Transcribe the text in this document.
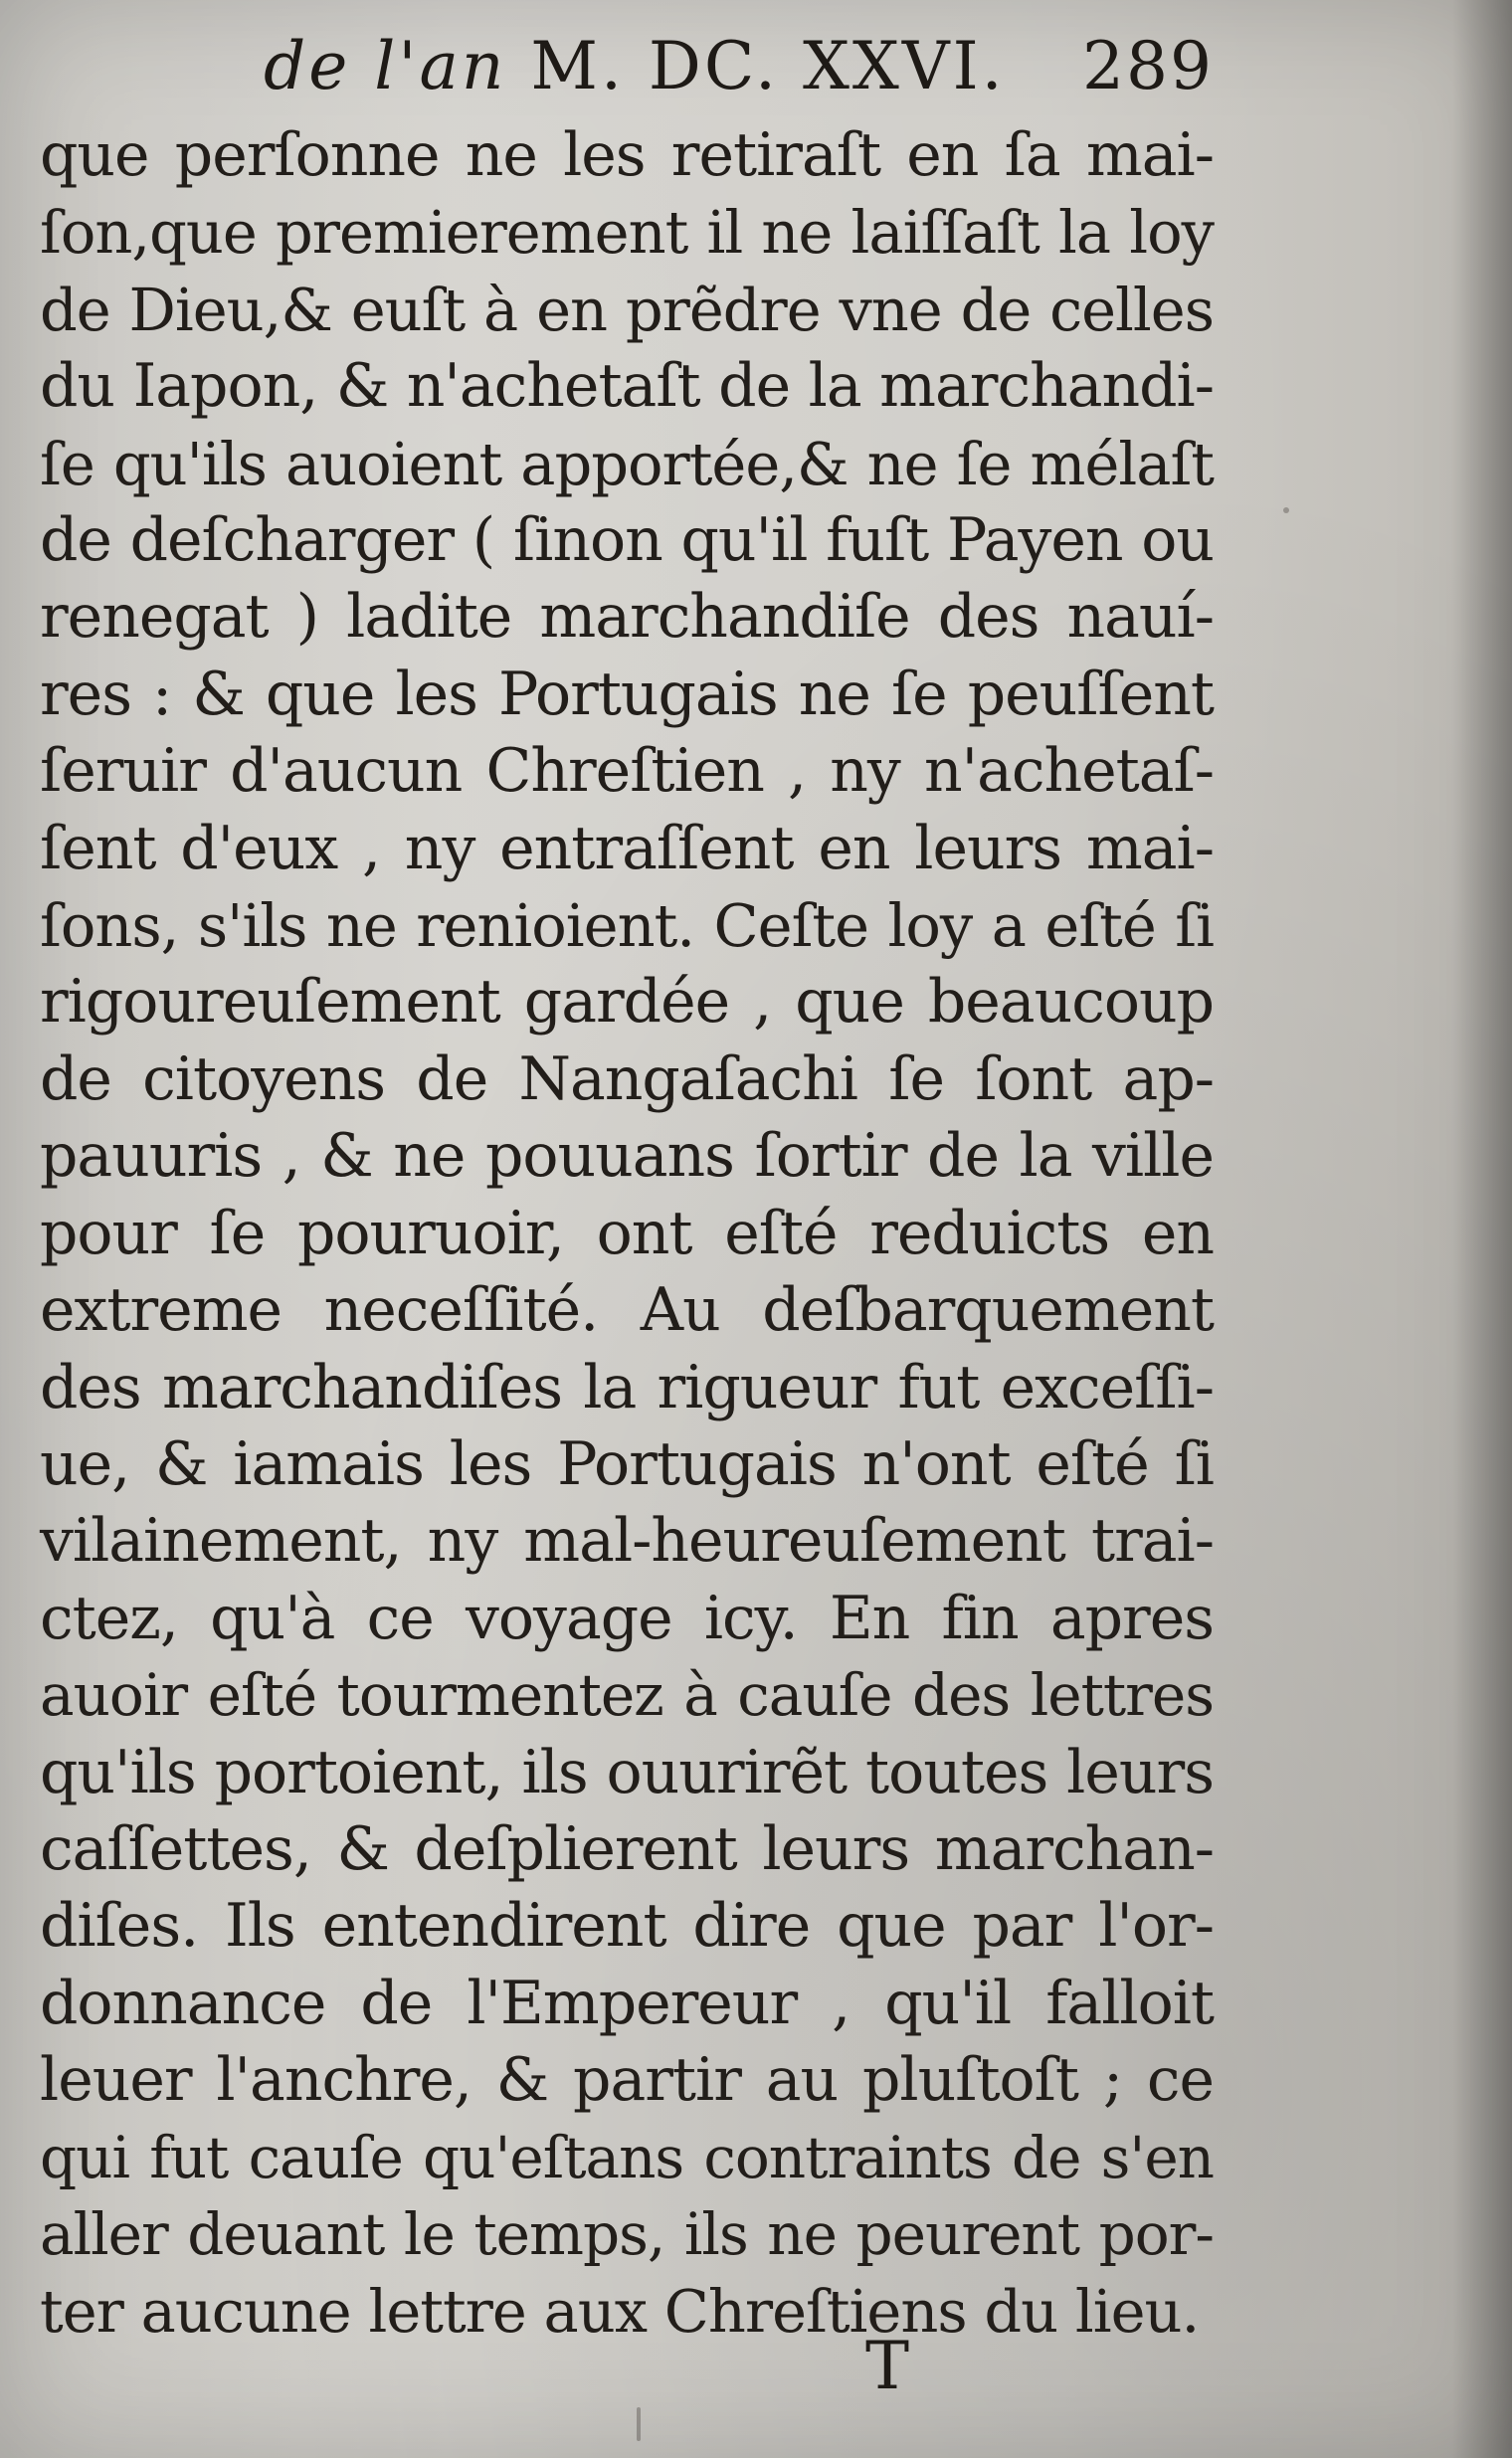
de l'an M. DC. XXVI. 289
que perſonne ne les retiraſt en ſa mai-
ſon,que premierement il ne laiſſaſt la loy
de Dieu,& euſt à en prẽdre vne de celles
du Iapon, & n'achetaſt de la marchandi-
ſe qu'ils auoient apportée,& ne ſe mélaſt
de deſcharger ( ſinon qu'il fuſt Payen ou
renegat ) ladite marchandiſe des nauí-
res : & que les Portugais ne ſe peuſſent
ſeruir d'aucun Chreſtien , ny n'achetaſ-
ſent d'eux , ny entraſſent en leurs mai-
ſons, s'ils ne renioient. Ceſte loy a eſté ſi
rigoureuſement gardée , que beaucoup
de citoyens de Nangaſachi ſe ſont ap-
pauuris , & ne pouuans ſortir de la ville
pour ſe pouruoir, ont eſté reduicts en
extreme neceſſité. Au deſbarquement
des marchandiſes la rigueur fut exceſſi-
ue, & iamais les Portugais n'ont eſté ſi
vilainement, ny mal-heureuſement trai-
ctez, qu'à ce voyage icy. En fin apres
auoir eſté tourmentez à cauſe des lettres
qu'ils portoient, ils ouurirẽt toutes leurs
caſſettes, & deſplierent leurs marchan-
diſes. Ils entendirent dire que par l'or-
donnance de l'Empereur , qu'il falloit
leuer l'anchre, & partir au pluſtoſt ; ce
qui fut cauſe qu'eſtans contraints de s'en
aller deuant le temps, ils ne peurent por-
ter aucune lettre aux Chreſtiens du lieu.
T
